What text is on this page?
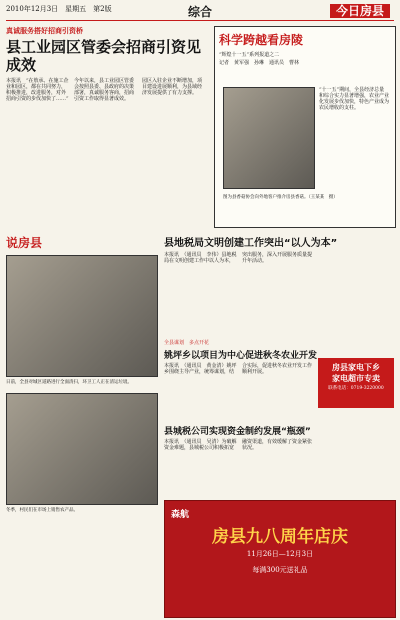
2010年12月3日　星期五　第2版	综合	今日房县
真诚服务搭好招商引资桥
县工业园区管委会招商引资见成效
本报讯　“在敖承、在施工企业和园区，都在共同努力，积极推进，改进服务，对外招商引资的步伐加快了……”
今年以来，县工业园区管委会按照县委、县政府的决策部署，真诚服务客商，招商引资工作取得显著成效。
园区入驻企业不断增加，项目建设进展顺利，为县域经济发展提供了有力支撑。
科学跨越看房陵
“辉煌十一五”系列报道之二
记者　黄军强　孙琳　通讯员　曹林
“十一五”期间，全县经济总量和综合实力显著增强，农业产业化发展步伐加快，特色产业成为农民增收的支柱。
图为县香菇协会向外地客户推介房县香菇。（王某某　摄）
说房县
日前，全县对城区道路进行全面清扫，环卫工人正在清运垃圾。
冬季，村民们在市场上销售农产品。
县地税局文明创建工作突出“以人为本”
本报讯　（通讯员　李伟）县地税局在文明创建工作中以人为本，突出服务，深入开展服务质量提升年活动。
全县谋划　多点开花
姚坪乡以项目为中心促进秋冬农业开发
本报讯　（通讯员　黄金清）姚坪乡围绕主导产业，统筹谋划，结合实际，促进秋冬农业开发工作顺利开展。	房县家电下乡
家电超市专卖
联系电话：0719-3220000
县城税公司实现资金制约发展“瓶颈”
本报讯　（通讯员　吴清）为破解资金难题，县城税公司积极拓宽融资渠道，有效缓解了资金紧张状况。
森航
房县九八周年店庆
11月26日—12月3日
每满300元送礼品
